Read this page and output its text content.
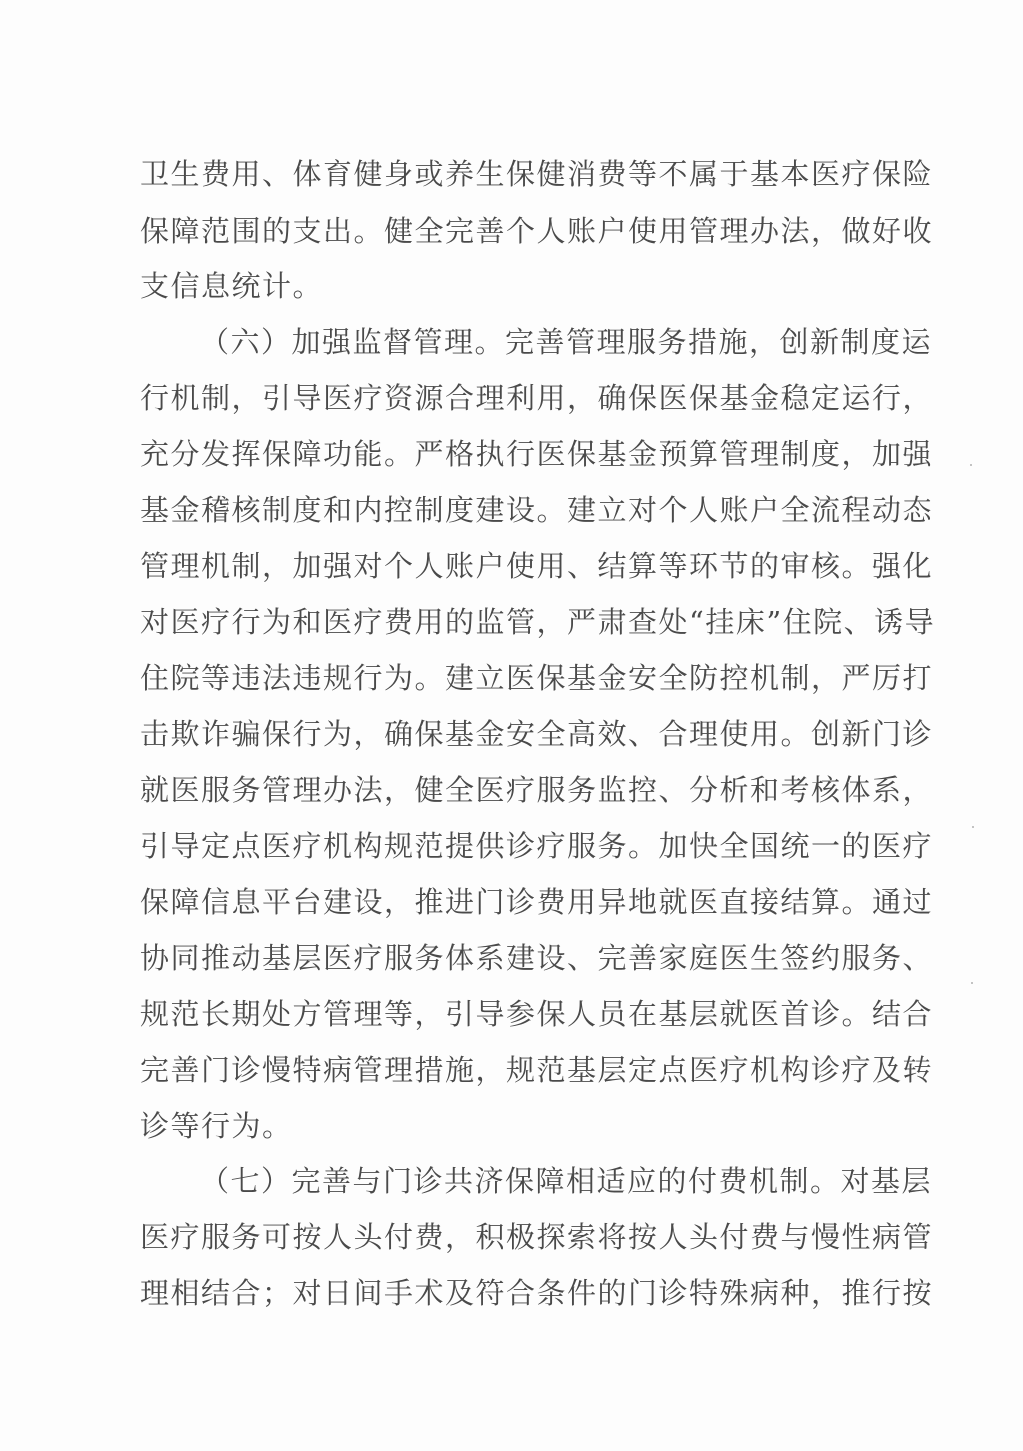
卫生费用、体育健身或养生保健消费等不属于基本医疗保险

保障范围的支出。健全完善个人账户使用管理办法，做好收

支信息统计。

（六）加强监督管理。完善管理服务措施，创新制度运

行机制，引导医疗资源合理利用，确保医保基金稳定运行，

充分发挥保障功能。严格执行医保基金预算管理制度，加强

基金稽核制度和内控制度建设。建立对个人账户全流程动态

管理机制，加强对个人账户使用、结算等环节的审核。强化

对医疗行为和医疗费用的监管，严肃查处“挂床”住院、诱导

住院等违法违规行为。建立医保基金安全防控机制，严厉打

击欺诈骗保行为，确保基金安全高效、合理使用。创新门诊

就医服务管理办法，健全医疗服务监控、分析和考核体系，

引导定点医疗机构规范提供诊疗服务。加快全国统一的医疗

保障信息平台建设，推进门诊费用异地就医直接结算。通过

协同推动基层医疗服务体系建设、完善家庭医生签约服务、

规范长期处方管理等，引导参保人员在基层就医首诊。结合

完善门诊慢特病管理措施，规范基层定点医疗机构诊疗及转

诊等行为。

（七）完善与门诊共济保障相适应的付费机制。对基层

医疗服务可按人头付费，积极探索将按人头付费与慢性病管

理相结合；对日间手术及符合条件的门诊特殊病种，推行按
